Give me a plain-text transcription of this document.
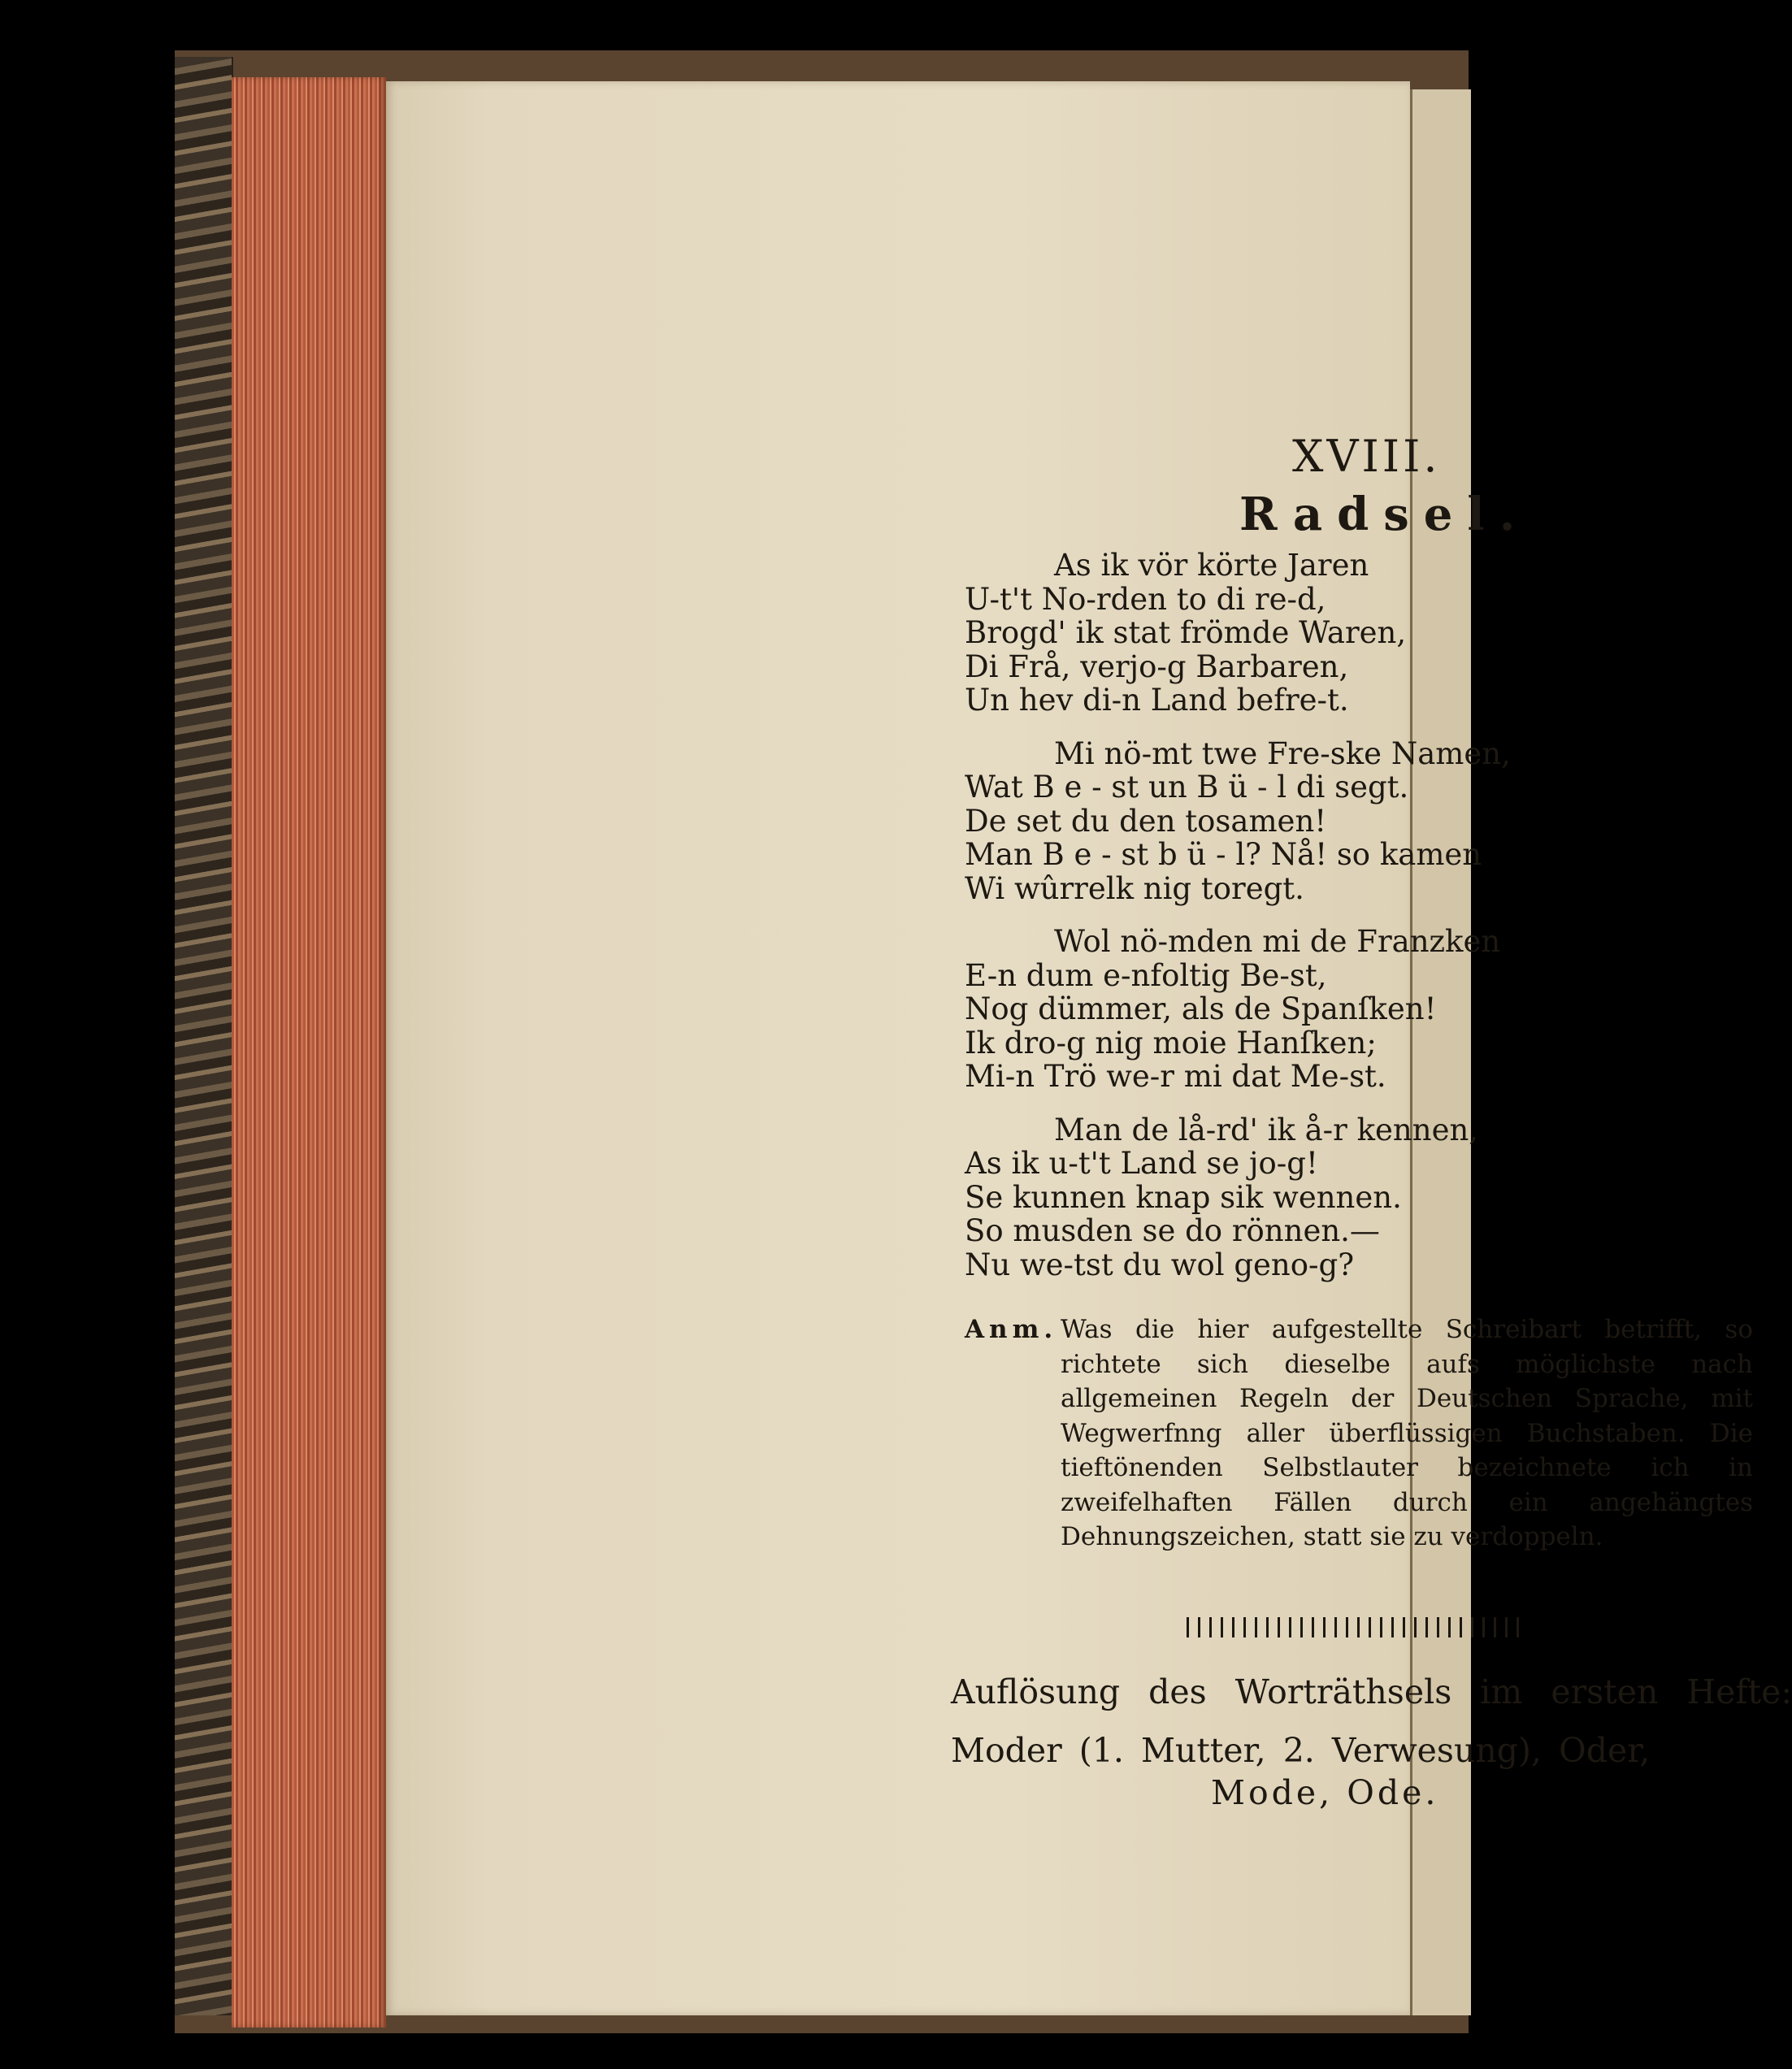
XVIII.
Radsel.
As ik vör körte Jaren
U-t't No-rden to di re-d,
Brogd' ik stat frömde Waren,
Di Frå, verjo-g Barbaren,
Un hev di-n Land befre-t.
Mi nö-mt twe Fre-ske Namen,
Wat B e - st un B ü - l di segt.
De set du den tosamen!
Man B e - st b ü - l? Nå! so kamen
Wi wûrrelk nig toregt.
Wol nö-mden mi de Franzken
E-n dum e-nfoltig Be-st,
Nog dümmer, als de Spanſken!
Ik dro-g nig moie Hanſken;
Mi-n Trö we-r mi dat Me-st.
Man de lå-rd' ik å-r kennen,
As ik u-t't Land se jo-g!
Se kunnen knap sik wennen.
So musden se do rönnen.—
Nu we-tst du wol geno-g?
Anm. Was die hier aufgestellte Schreibart betrifft, so richtete sich dieselbe aufs möglichste nach allgemeinen Regeln der Deutschen Sprache, mit Wegwerfnng aller überflüssigen Buchstaben. Die tieftönenden Selbstlauter bezeichnete ich in zweifelhaften Fällen durch ein angehängtes Dehnungszeichen, statt sie zu verdoppeln.
Auflösung des Worträthsels im ersten Hefte:
Moder (1. Mutter, 2. Verwesung), Oder,
Mode, Ode.
